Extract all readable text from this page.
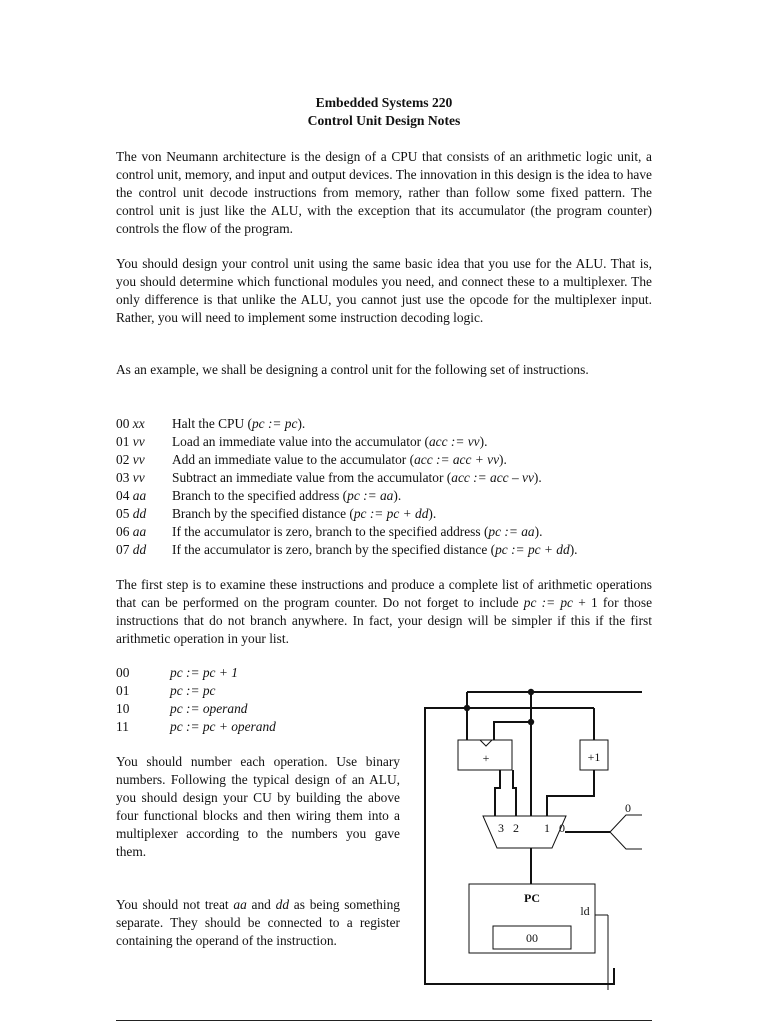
Embedded Systems 220
Control Unit Design Notes

The von Neumann architecture is the design of a CPU that consists of an arithmetic logic unit, a control unit, memory, and input and output devices. The innovation in this design is the idea to have the control unit decode instructions from memory, rather than follow some fixed pattern. The control unit is just like the ALU, with the exception that its accumulator (the program counter) controls the flow of the program.

You should design your control unit using the same basic idea that you use for the ALU. That is, you should determine which functional modules you need, and connect these to a multiplexer. The only difference is that unlike the ALU, you cannot just use the opcode for the multiplexer input. Rather, you will need to implement some instruction decoding logic.

As an example, we shall be designing a control unit for the following set of instructions.

00 xx Halt the CPU (pc := pc).
01 vv Load an immediate value into the accumulator (acc := vv).
02 vv Add an immediate value to the accumulator (acc := acc + vv).
03 vv Subtract an immediate value from the accumulator (acc := acc – vv).
04 aa Branch to the specified address (pc := aa).
05 dd Branch by the specified distance (pc := pc + dd).
06 aa If the accumulator is zero, branch to the specified address (pc := aa).
07 dd If the accumulator is zero, branch by the specified distance (pc := pc + dd).

The first step is to examine these instructions and produce a complete list of arithmetic operations that can be performed on the program counter. Do not forget to include pc := pc + 1 for those instructions that do not branch anywhere. In fact, your design will be simpler if this if the first arithmetic operation in your list.

00	pc := pc + 1
01	pc := pc
10	pc := operand
11	pc := pc + operand

You should number each operation. Use binary numbers. Following the typical design of an ALU, you should design your CU by building the above four functional blocks and then wiring them into a multiplexer according to the numbers you gave them.

You should not treat aa and dd as being something separate. They should be connected to a register containing the operand of the instruction.

+	+1
3 2 1 0
0
PC
00
ld
